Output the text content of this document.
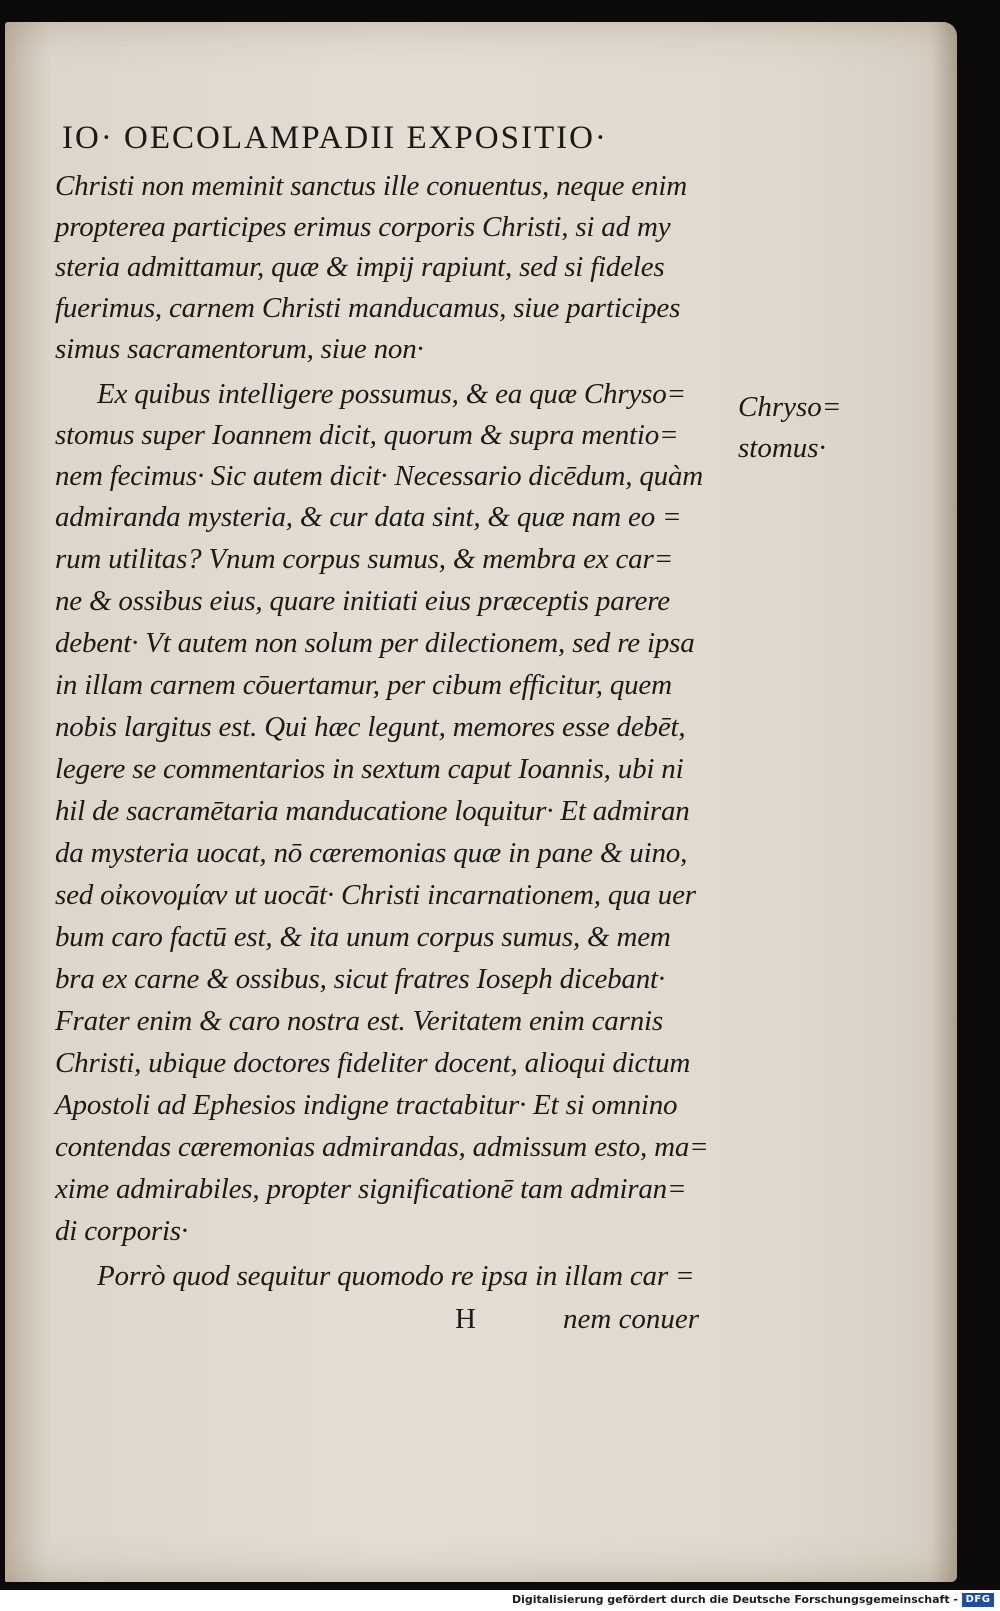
IO· OECOLAMPADII EXPOSITIO·
Christi non meminit sanctus ille conuentus, neque enim
propterea participes erimus corporis Christi, si ad my
steria admittamur, quæ & impij rapiunt, sed si fideles
fuerimus, carnem Christi manducamus, siue participes
simus sacramentorum, siue non·
Ex quibus intelligere possumus, & ea quæ Chryso=
stomus super Ioannem dicit, quorum & supra mentio=
nem fecimus· Sic autem dicit· Necessario dicēdum, quàm
admiranda mysteria, & cur data sint, & quæ nam eo =
rum utilitas? Vnum corpus sumus, & membra ex car=
ne & ossibus eius, quare initiati eius præceptis parere
debent· Vt autem non solum per dilectionem, sed re ipsa
in illam carnem cōuertamur, per cibum efficitur, quem
nobis largitus est. Qui hæc legunt, memores esse debēt,
legere se commentarios in sextum caput Ioannis, ubi ni
hil de sacramētaria manducatione loquitur· Et admiran
da mysteria uocat, nō cæremonias quæ in pane & uino,
sed οἰκονομίαν ut uocāt· Christi incarnationem, qua uer
bum caro factū est, & ita unum corpus sumus, & mem
bra ex carne & ossibus, sicut fratres Ioseph dicebant·
Frater enim & caro nostra est. Veritatem enim carnis
Christi, ubique doctores fideliter docent, alioqui dictum
Apostoli ad Ephesios indigne tractabitur· Et si omnino
contendas cæremonias admirandas, admissum esto, ma=
xime admirabiles, propter significationē tam admiran=
di corporis·
Porrò quod sequitur quomodo re ipsa in illam car =
Chryso=
stomus·
H	nem conuer
Digitalisierung gefördert durch die Deutsche Forschungsgemeinschaft - DFG
